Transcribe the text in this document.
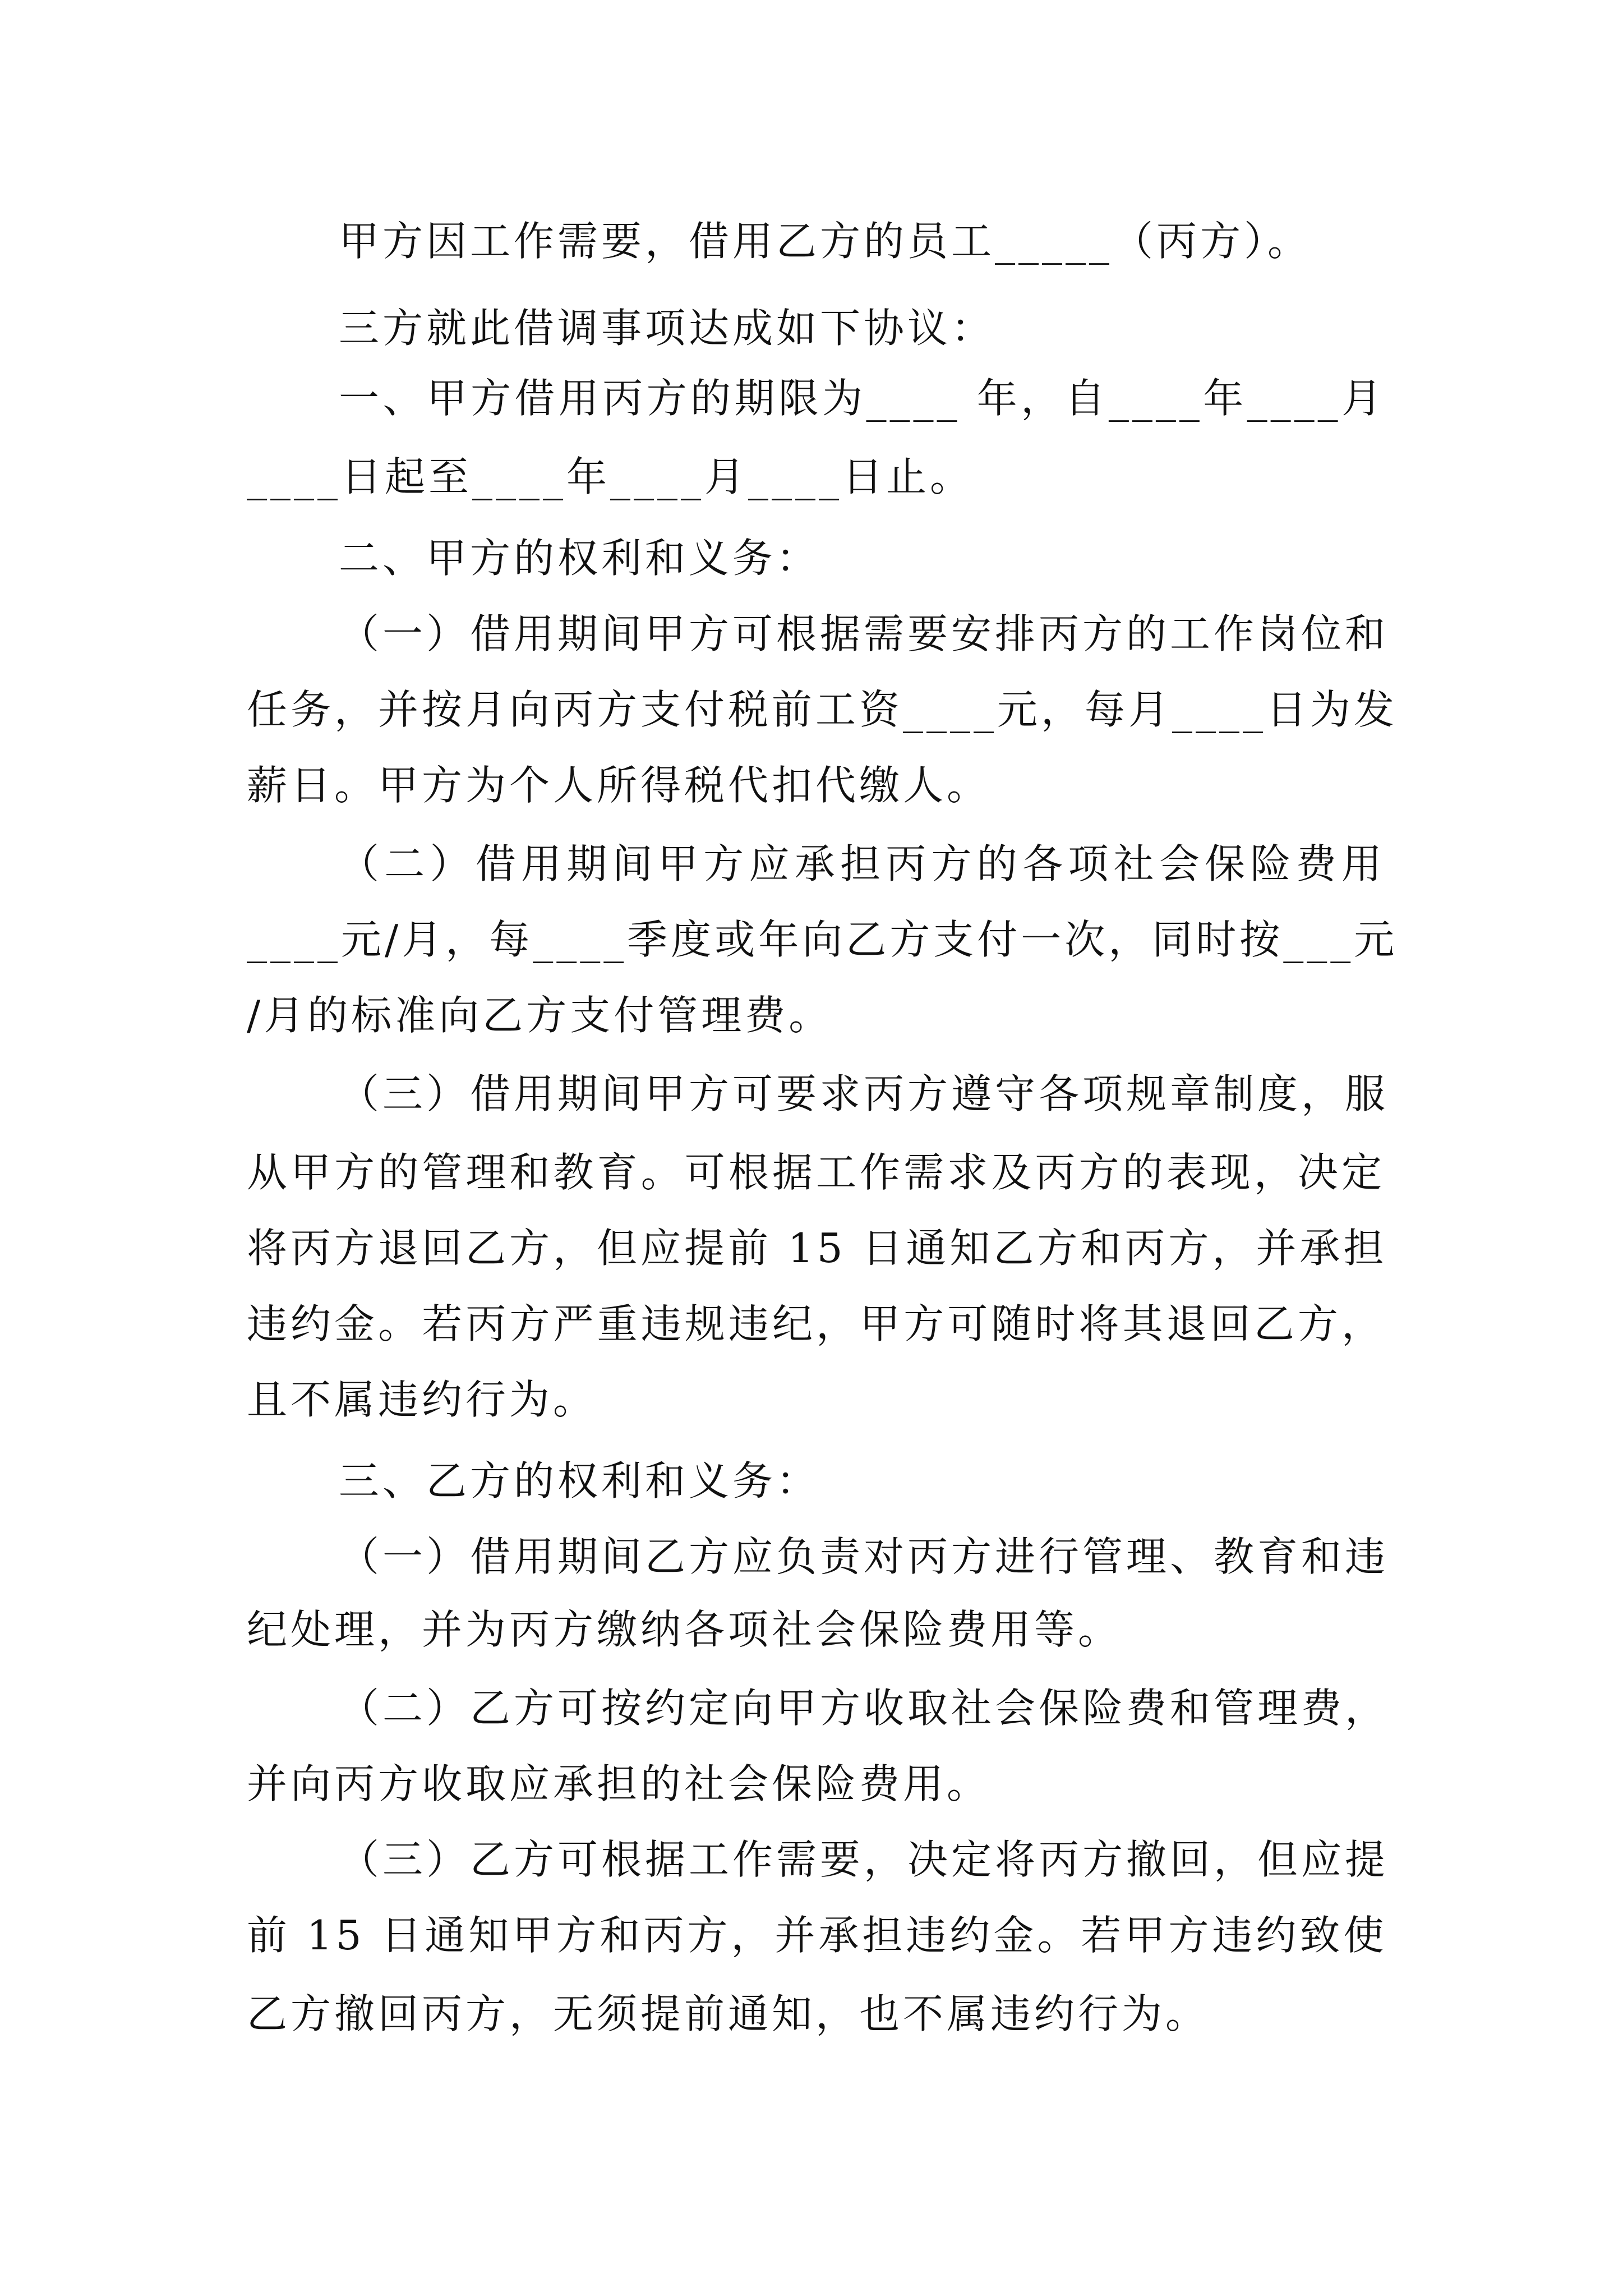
甲方因工作需要，借用乙方的员工_____（丙方）。
三方就此借调事项达成如下协议：
一、甲方借用丙方的期限为____ 年，自____年____月
____日起至____年____月____日止。
二、甲方的权利和义务：
（一）借用期间甲方可根据需要安排丙方的工作岗位和
任务，并按月向丙方支付税前工资____元，每月____日为发
薪日。甲方为个人所得税代扣代缴人。
（二）借用期间甲方应承担丙方的各项社会保险费用
____元/月，每____季度或年向乙方支付一次，同时按___元
/月的标准向乙方支付管理费。
（三）借用期间甲方可要求丙方遵守各项规章制度，服
从甲方的管理和教育。可根据工作需求及丙方的表现，决定
将丙方退回乙方，但应提前 15 日通知乙方和丙方，并承担
违约金。若丙方严重违规违纪，甲方可随时将其退回乙方，
且不属违约行为。
三、乙方的权利和义务：
（一）借用期间乙方应负责对丙方进行管理、教育和违
纪处理，并为丙方缴纳各项社会保险费用等。
（二）乙方可按约定向甲方收取社会保险费和管理费，
并向丙方收取应承担的社会保险费用。
（三）乙方可根据工作需要，决定将丙方撤回，但应提
前 15 日通知甲方和丙方，并承担违约金。若甲方违约致使
乙方撤回丙方，无须提前通知，也不属违约行为。
